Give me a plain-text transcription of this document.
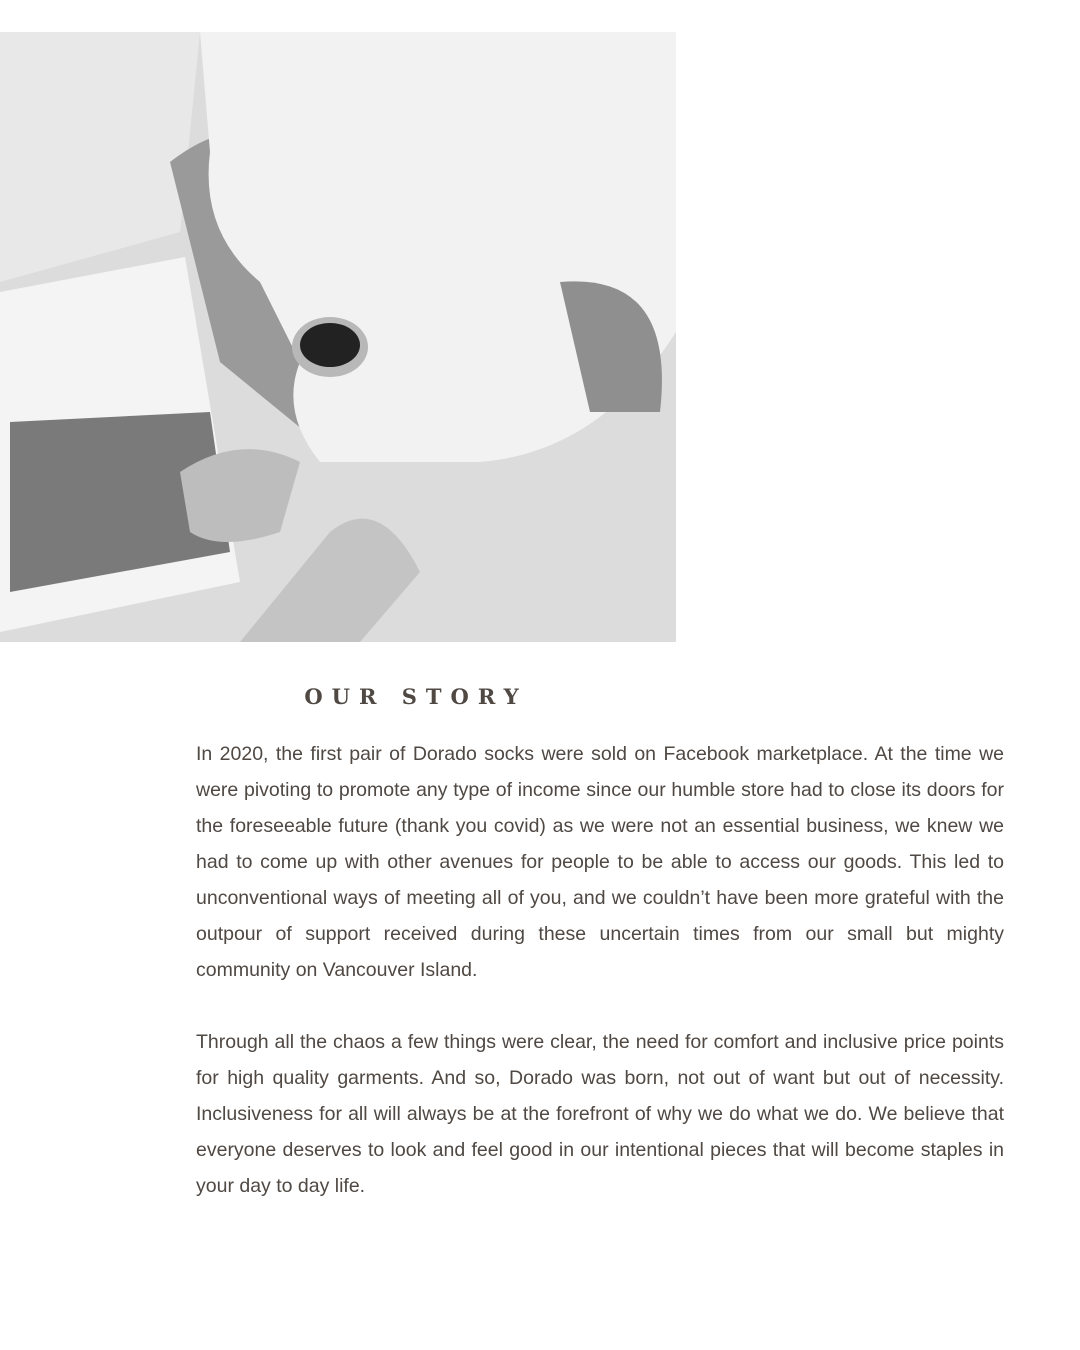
OUR STORY

In 2020, the first pair of Dorado socks were sold on Facebook marketplace. At the time we were pivoting to promote any type of income since our humble store had to close its doors for the foreseeable future (thank you covid) as we were not an essential business, we knew we had to come up with other avenues for people to be able to access our goods. This led to unconventional ways of meeting all of you, and we couldn’t have been more grateful with the outpour of support received during these uncertain times from our small but mighty community on Vancouver Island.

Through all the chaos a few things were clear, the need for comfort and inclusive price points for high quality garments. And so, Dorado was born, not out of want but out of necessity. Inclusiveness for all will always be at the forefront of why we do what we do. We believe that everyone deserves to look and feel good in our intentional pieces that will become staples in your day to day life.
